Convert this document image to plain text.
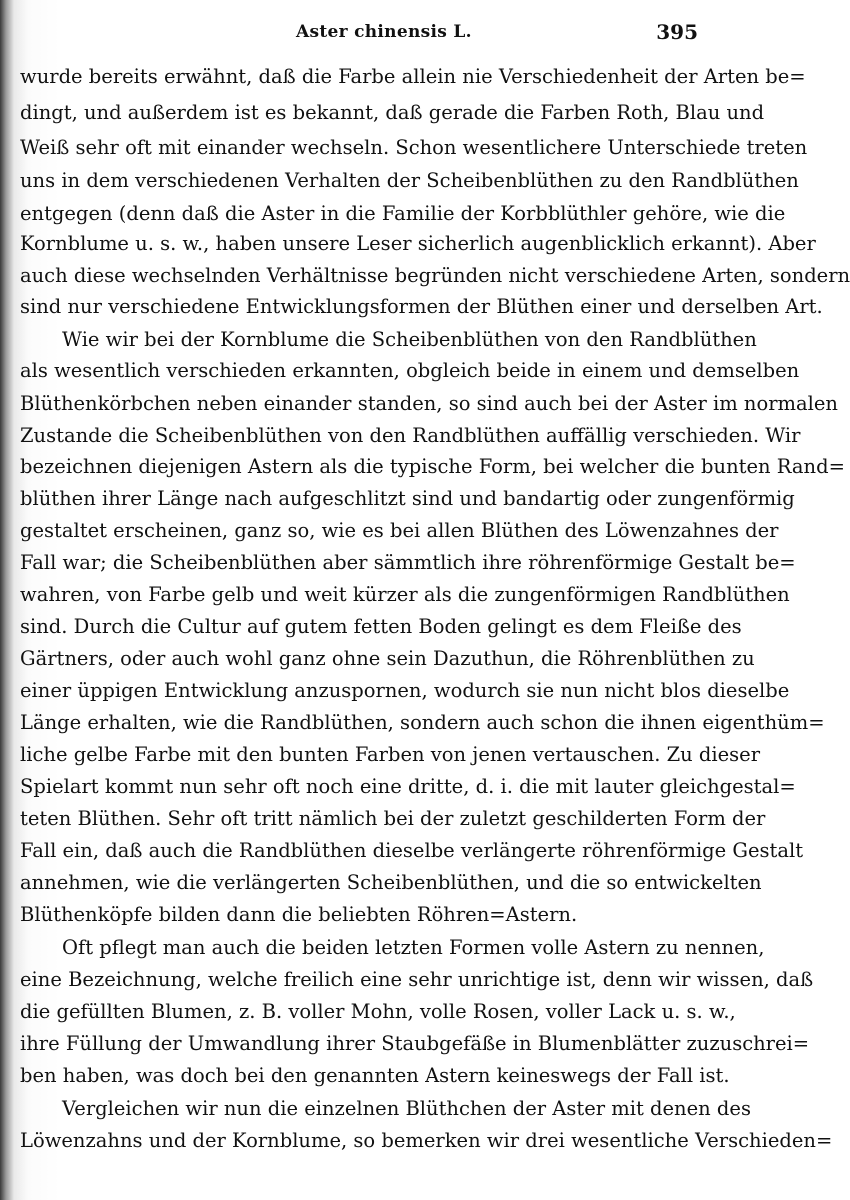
Aster chinensis L.	395
wurde bereits erwähnt, daß die Farbe allein nie Verschiedenheit der Arten be=
dingt, und außerdem ist es bekannt, daß gerade die Farben Roth, Blau und
Weiß sehr oft mit einander wechseln. Schon wesentlichere Unterschiede treten
uns in dem verschiedenen Verhalten der Scheibenblüthen zu den Randblüthen
entgegen (denn daß die Aster in die Familie der Korbblüthler gehöre, wie die
Kornblume u. s. w., haben unsere Leser sicherlich augenblicklich erkannt). Aber
auch diese wechselnden Verhältnisse begründen nicht verschiedene Arten, sondern
sind nur verschiedene Entwicklungsformen der Blüthen einer und derselben Art.
Wie wir bei der Kornblume die Scheibenblüthen von den Randblüthen
als wesentlich verschieden erkannten, obgleich beide in einem und demselben
Blüthenkörbchen neben einander standen, so sind auch bei der Aster im normalen
Zustande die Scheibenblüthen von den Randblüthen auffällig verschieden. Wir
bezeichnen diejenigen Astern als die typische Form, bei welcher die bunten Rand=
blüthen ihrer Länge nach aufgeschlitzt sind und bandartig oder zungenförmig
gestaltet erscheinen, ganz so, wie es bei allen Blüthen des Löwenzahnes der
Fall war; die Scheibenblüthen aber sämmtlich ihre röhrenförmige Gestalt be=
wahren, von Farbe gelb und weit kürzer als die zungenförmigen Randblüthen
sind. Durch die Cultur auf gutem fetten Boden gelingt es dem Fleiße des
Gärtners, oder auch wohl ganz ohne sein Dazuthun, die Röhrenblüthen zu
einer üppigen Entwicklung anzuspornen, wodurch sie nun nicht blos dieselbe
Länge erhalten, wie die Randblüthen, sondern auch schon die ihnen eigenthüm=
liche gelbe Farbe mit den bunten Farben von jenen vertauschen. Zu dieser
Spielart kommt nun sehr oft noch eine dritte, d. i. die mit lauter gleichgestal=
teten Blüthen. Sehr oft tritt nämlich bei der zuletzt geschilderten Form der
Fall ein, daß auch die Randblüthen dieselbe verlängerte röhrenförmige Gestalt
annehmen, wie die verlängerten Scheibenblüthen, und die so entwickelten
Blüthenköpfe bilden dann die beliebten Röhren=Astern.
Oft pflegt man auch die beiden letzten Formen volle Astern zu nennen,
eine Bezeichnung, welche freilich eine sehr unrichtige ist, denn wir wissen, daß
die gefüllten Blumen, z. B. voller Mohn, volle Rosen, voller Lack u. s. w.,
ihre Füllung der Umwandlung ihrer Staubgefäße in Blumenblätter zuzuschrei=
ben haben, was doch bei den genannten Astern keineswegs der Fall ist.
Vergleichen wir nun die einzelnen Blüthchen der Aster mit denen des
Löwenzahns und der Kornblume, so bemerken wir drei wesentliche Verschieden=
